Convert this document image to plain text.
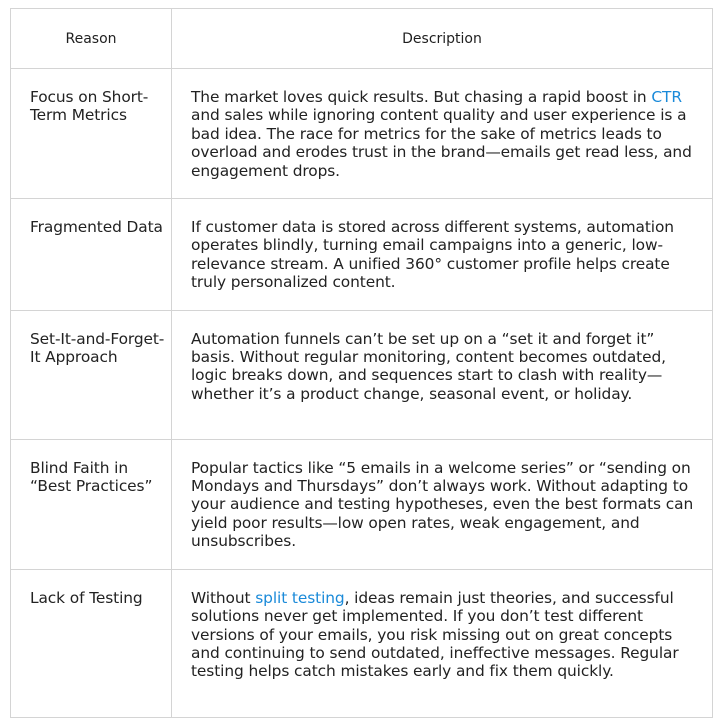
Reason	Description
Focus on Short-Term Metrics	The market loves quick results. But chasing a rapid boost in CTR and sales while ignoring content quality and user experience is a bad idea. The race for metrics for the sake of metrics leads to overload and erodes trust in the brand—emails get read less, and engagement drops.
Fragmented Data	If customer data is stored across different systems, automation operates blindly, turning email campaigns into a generic, low-relevance stream. A unified 360° customer profile helps create truly personalized content.
Set-It-and-Forget-It Approach	Automation funnels can’t be set up on a “set it and forget it” basis. Without regular monitoring, content becomes outdated, logic breaks down, and sequences start to clash with reality—whether it’s a product change, seasonal event, or holiday.
Blind Faith in “Best Practices”	Popular tactics like “5 emails in a welcome series” or “sending on Mondays and Thursdays” don’t always work. Without adapting to your audience and testing hypotheses, even the best formats can yield poor results—low open rates, weak engagement, and unsubscribes.
Lack of Testing	Without split testing, ideas remain just theories, and successful solutions never get implemented. If you don’t test different versions of your emails, you risk missing out on great concepts and continuing to send outdated, ineffective messages. Regular testing helps catch mistakes early and fix them quickly.
